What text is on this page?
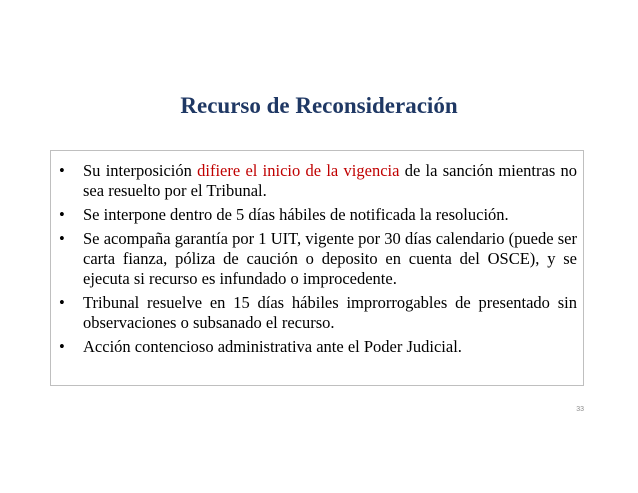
Recurso de Reconsideración
• Su interposición difiere el inicio de la vigencia de la sanción mientras no sea resuelto por el Tribunal.
• Se interpone dentro de 5 días hábiles de notificada la resolución.
• Se acompaña garantía por 1 UIT, vigente por 30 días calendario (puede ser carta fianza, póliza de caución o deposito en cuenta del OSCE), y se ejecuta si recurso es infundado o improcedente.
• Tribunal resuelve en 15 días hábiles improrrogables de presentado sin observaciones o subsanado el recurso.
• Acción contencioso administrativa ante el Poder Judicial.
33
